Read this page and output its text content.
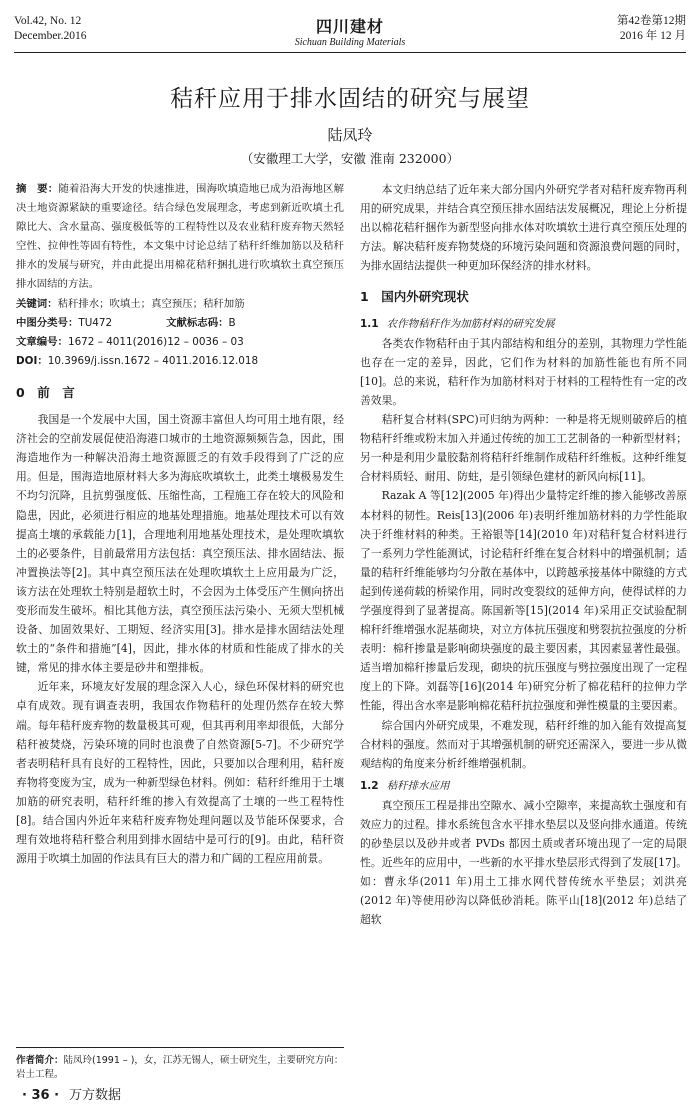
Vol.42, No. 12
December.2016	四川建材
Sichuan Building Materials
第42卷第12期
2016 年 12 月
秸秆应用于排水固结的研究与展望
陆凤玲
（安徽理工大学，安徽 淮南 232000）
摘　要：随着沿海大开发的快速推进，围海吹填造地已成为沿海地区解决土地资源紧缺的重要途径。结合绿色发展理念，考虑到新近吹填土孔隙比大、含水量高、强度极低等的工程特性以及农业秸秆废弃物天然轻空性、拉伸性等固有特性，本文集中讨论总结了秸秆纤维加筋以及秸秆排水的发展与研究，并由此提出用棉花秸秆捆扎进行吹填软土真空预压排水固结的方法。
关键词：秸秆排水；吹填土；真空预压；秸秆加筋
中图分类号：TU472	文献标志码：B
文章编号：1672 – 4011(2016)12 – 0036 – 03
DOI：10.3969/j.issn.1672 – 4011.2016.12.018
0　前　言

我国是一个发展中大国，国土资源丰富但人均可用土地有限，经济社会的空前发展促使沿海港口城市的土地资源频频告急，因此，围海造地作为一种解决沿海土地资源匮乏的有效手段得到了广泛的应用。但是，围海造地原材料大多为海底吹填软土，此类土壤极易发生不均匀沉降，且抗剪强度低、压缩性高，工程施工存在较大的风险和隐患，因此，必须进行相应的地基处理措施。地基处理技术可以有效提高土壤的承载能力[1]，合理地利用地基处理技术，是处理吹填软土的必要条件，目前最常用方法包括：真空预压法、排水固结法、振冲置换法等[2]。其中真空预压法在处理吹填软土上应用最为广泛，该方法在处理软土特别是超软土时，不会因为土体受压产生侧向挤出变形而发生破坏。相比其他方法，真空预压法污染小、无须大型机械设备、加固效果好、工期短、经济实用[3]。排水是排水固结法处理软土的“条件和措施”[4]，因此，排水体的材质和性能成了排水的关键，常见的排水体主要是砂井和塑排板。

近年来，环境友好发展的理念深入人心，绿色环保材料的研究也卓有成效。现有调查表明，我国农作物秸秆的处理仍然存在较大弊端。每年秸秆废弃物的数量极其可观，但其再利用率却很低，大部分秸秆被焚烧，污染环境的同时也浪费了自然资源[5-7]。不少研究学者表明秸秆具有良好的工程特性，因此，只要加以合理利用，秸秆废弃物将变废为宝，成为一种新型绿色材料。例如：秸秆纤维用于土壤加筋的研究表明，秸秆纤维的掺入有效提高了土壤的一些工程特性[8]。结合国内外近年来秸秆废弃物处理问题以及节能环保要求，合理有效地将秸秆整合利用到排水固结中是可行的[9]。由此，秸秆资源用于吹填土加固的作法具有巨大的潜力和广阔的工程应用前景。

本文归纳总结了近年来大部分国内外研究学者对秸秆废弃物再利用的研究成果，并结合真空预压排水固结法发展概况，理论上分析提出以棉花秸秆捆作为新型竖向排水体对吹填软土进行真空预压处理的方法。解决秸秆废弃物焚烧的环境污染问题和资源浪费问题的同时，为排水固结法提供一种更加环保经济的排水材料。

1　国内外研究现状
1.1 农作物秸秆作为加筋材料的研究发展

各类农作物秸秆由于其内部结构和组分的差别，其物理力学性能也存在一定的差异，因此，它们作为材料的加筋性能也有所不同[10]。总的来说，秸秆作为加筋材料对于材料的工程特性有一定的改善效果。

秸秆复合材料(SPC)可归纳为两种：一种是将无规则破碎后的植物秸秆纤维或粉末加入并通过传统的加工工艺制备的一种新型材料；另一种是利用少量胶黏剂将秸秆纤维制作成秸秆纤维板。这种纤维复合材料质轻、耐用、防蛀，是引领绿色建材的新风向标[11]。

Razak A 等[12](2005 年)得出少量特定纤维的掺入能够改善原本材料的韧性。Reis[13](2006 年)表明纤维加筋材料的力学性能取决于纤维材料的种类。王裕银等[14](2010 年)对秸秆复合材料进行了一系列力学性能测试，讨论秸秆纤维在复合材料中的增强机制；适量的秸秆纤维能够均匀分散在基体中，以跨越承接基体中隙缝的方式起到传递荷载的桥梁作用，同时改变裂纹的延伸方向，使得试样的力学强度得到了显著提高。陈国新等[15](2014 年)采用正交试验配制棉秆纤维增强水泥基砌块，对立方体抗压强度和劈裂抗拉强度的分析表明：棉秆掺量是影响砌块强度的最主要因素，其因素显著性最强。适当增加棉秆掺量后发现，砌块的抗压强度与劈拉强度出现了一定程度上的下降。刘磊等[16](2014 年)研究分析了棉花秸秆的拉伸力学性能，得出含水率是影响棉花秸秆抗拉强度和弹性模量的主要因素。

综合国内外研究成果，不难发现，秸秆纤维的加入能有效提高复合材料的强度。然而对于其增强机制的研究还需深入，要进一步从微观结构的角度来分析纤维增强机制。

1.2 秸秆排水应用

真空预压工程是排出空隙水、减小空隙率，来提高软土强度和有效应力的过程。排水系统包含水平排水垫层以及竖向排水通道。传统的砂垫层以及砂井或者 PVDs 都因土质或者环境出现了一定的局限性。近些年的应用中，一些新的水平排水垫层形式得到了发展[17]。如：曹永华(2011 年)用土工排水网代替传统水平垫层；刘洪亮(2012 年)等使用砂沟以降低砂消耗。陈平山[18](2012 年)总结了超软

作者简介：陆凤玲(1991 – )，女，江苏无锡人，硕士研究生，主要研究方向：岩土工程。
· 36 · 万方数据
